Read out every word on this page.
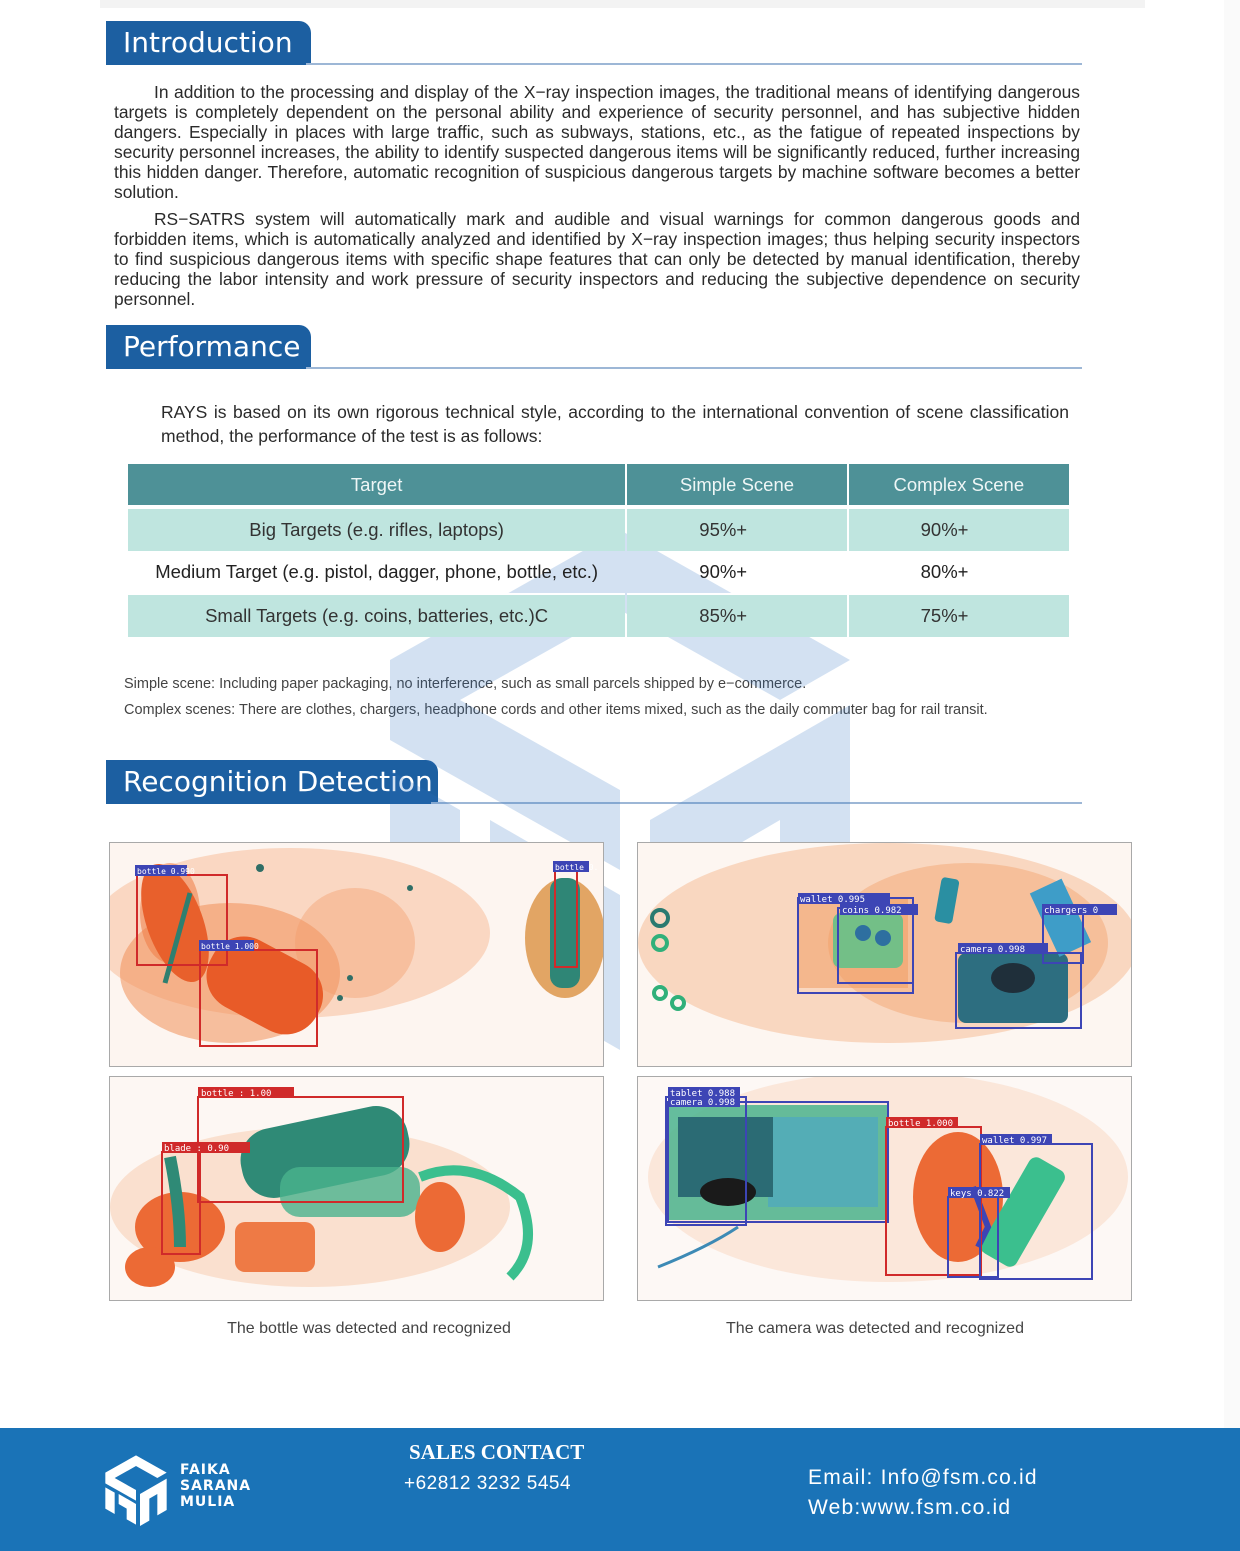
Introduction

In addition to the processing and display of the X−ray inspection images, the traditional means of identifying dangerous targets is completely dependent on the personal ability and experience of security personnel, and has subjective hidden dangers. Especially in places with large traffic, such as subways, stations, etc., as the fatigue of repeated inspections by security personnel increases, the ability to identify suspected dangerous items will be significantly reduced, further increasing this hidden danger. Therefore, automatic recognition of suspicious dangerous targets by machine software becomes a better solution.

RS−SATRS system will automatically mark and audible and visual warnings for common dangerous goods and forbidden items, which is automatically analyzed and identified by X−ray inspection images; thus helping security inspectors to find suspicious dangerous items with specific shape features that can only be detected by manual identification, thereby reducing the labor intensity and work pressure of security inspectors and reducing the subjective dependence on security personnel.

Performance
RAYS is based on its own rigorous technical style, according to the international convention of scene classification method, the performance of the test is as follows:
Target	Simple Scene	Complex Scene
Big Targets (e.g. rifles, laptops)	95%+	90%+
Medium Target (e.g. pistol, dagger, phone, bottle, etc.)	90%+	80%+
Small Targets (e.g. coins, batteries, etc.)C	85%+	75%+
Simple scene: Including paper packaging, no interference, such as small parcels shipped by e−commerce.
Complex scenes: There are clothes, chargers, headphone cords and other items mixed, such as the daily commuter bag for rail transit.
Recognition Detection
bottle 0.990
bottle 1.000
bottle 0.
wallet 0.995
coins 0.982	chargers 0
camera 0.998
bottle : 1.00
blade : 0.90
tablet 0.988
camera 0.998
bottle 1.000
wallet 0.997
keys 0.822
The bottle was detected and recognized	The camera was detected and recognized
FAIKA
SARANA
MULIA
SALES CONTACT
+62812 3232 5454	Email: Info@fsm.co.id
Web:www.fsm.co.id
